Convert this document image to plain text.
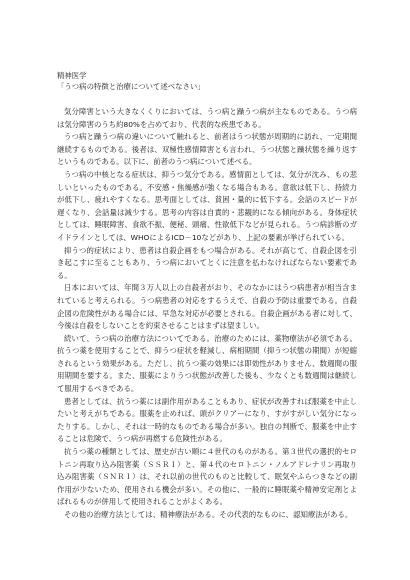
精神医学

「うつ病の特徴と治療について述べなさい」

気分障害という大きなくくりにおいては、うつ病と躁うつ病が主なものである。うつ病は気分障害のうち約80%を占めており、代表的な疾患である。

うつ病と躁うつ病の違いについて触れると、前者はうつ状態が周期的に訪れ、一定期間継続するものである。後者は、双極性感情障害とも言われ、うつ状態と躁状態を繰り返すというものである。以下に、前者のうつ病について述べる。

うつ病の中核となる症状は、抑うつ気分である。感情面としては、気分が沈み、もの悲しいといったものである。不安感・焦燥感が強くなる場合もある。意欲は低下し、持続力が低下し、疲れやすくなる。思考面としては、貧困・量的に低下する。会話のスピードが遅くなり、会話量は減少する。思考の内容は自責的・悲観的になる傾向がある。身体症状としては、睡眠障害、食欲不振、便秘、頭痛、性欲低下などが見られる。うつ病診断のガイドラインとしては、WHOによるICD－10などがあり、上記の要素が挙げられている。

抑うつ的症状により、患者は自殺企画をもつ場合がある。それが高じて、自殺企図を引き起こすに至ることもあり、うつ病においてとくに注意を払わなければならない要素である。

日本においては、年間３万人以上の自殺者がおり、そのなかにはうつ病患者が相当含まれていると考えられる。うつ病患者の対応をするうえで、自殺の予防は重要である。自殺企図の危険性がある場合には、早急な対応が必要とされる。自殺企画がある者に対して、今後は自殺をしないことを約束させることはまずは望ましい。

続いて、うつ病の治療方法についてである。治療のためには、薬物療法が必須である。抗うつ薬を使用することで、抑うつ症状を軽減し、病相期間（抑うつ状態の期間）が短縮されるという効果がある。ただし、抗うつ薬の効果には即効性がありません、数週間の服用期間を要する。また、服薬によりうつ状態が改善した後も、少なくとも数週間は継続して服用するべきである。

患者としては、抗うつ薬には副作用があることもあり、症状が改善すれば服薬を中止したいと考えがちである。服薬を止めれば、頭がクリアーになり、すがすがしい気分になったりする。しかし、それは一時的なものである場合が多い。独自の判断で、服薬を中止することは危険で、うつ病が再燃する危険性がある。

抗うつ薬の種類としては、歴史が古い順に４世代のものがある。第３世代の選択的セロトニン再取り込み阻害薬（ＳＳＲＩ）と、第４代のセロトニン・ノルアドレナリン再取り込み阻害薬（ＳＮＲＩ）は、それ以前の世代のものと比較して、眠気やふらつきなどの副作用が少ないため、使用される機会が多い。その他に、一般的に睡眠薬や精神安定剤とよばれるものが併用して使用されることがよくある。

その他の治療方法としては、精神療法がある。その代表的なものに、認知療法がある。
